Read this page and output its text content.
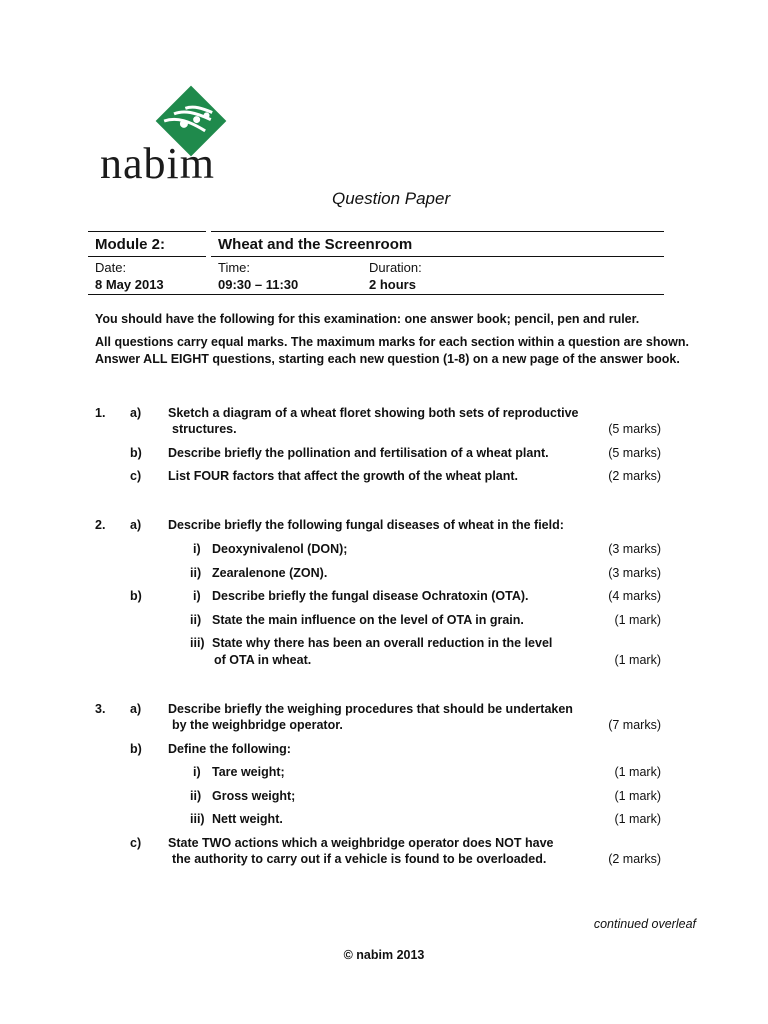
nabim
Question Paper
Module 2:	Wheat and the Screenroom
Date:
8 May 2013
Time:
09:30 – 11:30
Duration:
2 hours
You should have the following for this examination: one answer book; pencil, pen and ruler.
All questions carry equal marks. The maximum marks for each section within a question are shown.
Answer ALL EIGHT questions, starting each new question (1-8) on a new page of the answer book.
1. a) Sketch a diagram of a wheat floret showing both sets of reproductive
structures.	(5 marks)
b) Describe briefly the pollination and fertilisation of a wheat plant.	(5 marks)
c) List FOUR factors that affect the growth of the wheat plant.	(2 marks)
2. a) Describe briefly the following fungal diseases of wheat in the field:
i) Deoxynivalenol (DON);	(3 marks)
ii) Zearalenone (ZON).	(3 marks)
b)	i) Describe briefly the fungal disease Ochratoxin (OTA).	(4 marks)
ii) State the main influence on the level of OTA in grain.	(1 mark)
iii) State why there has been an overall reduction in the level
of OTA in wheat.	(1 mark)
3. a) Describe briefly the weighing procedures that should be undertaken
by the weighbridge operator.	(7 marks)
b) Define the following:
i) Tare weight;	(1 mark)
ii) Gross weight;	(1 mark)
iii) Nett weight.	(1 mark)
c) State TWO actions which a weighbridge operator does NOT have
the authority to carry out if a vehicle is found to be overloaded.	(2 marks)
continued overleaf
© nabim 2013
